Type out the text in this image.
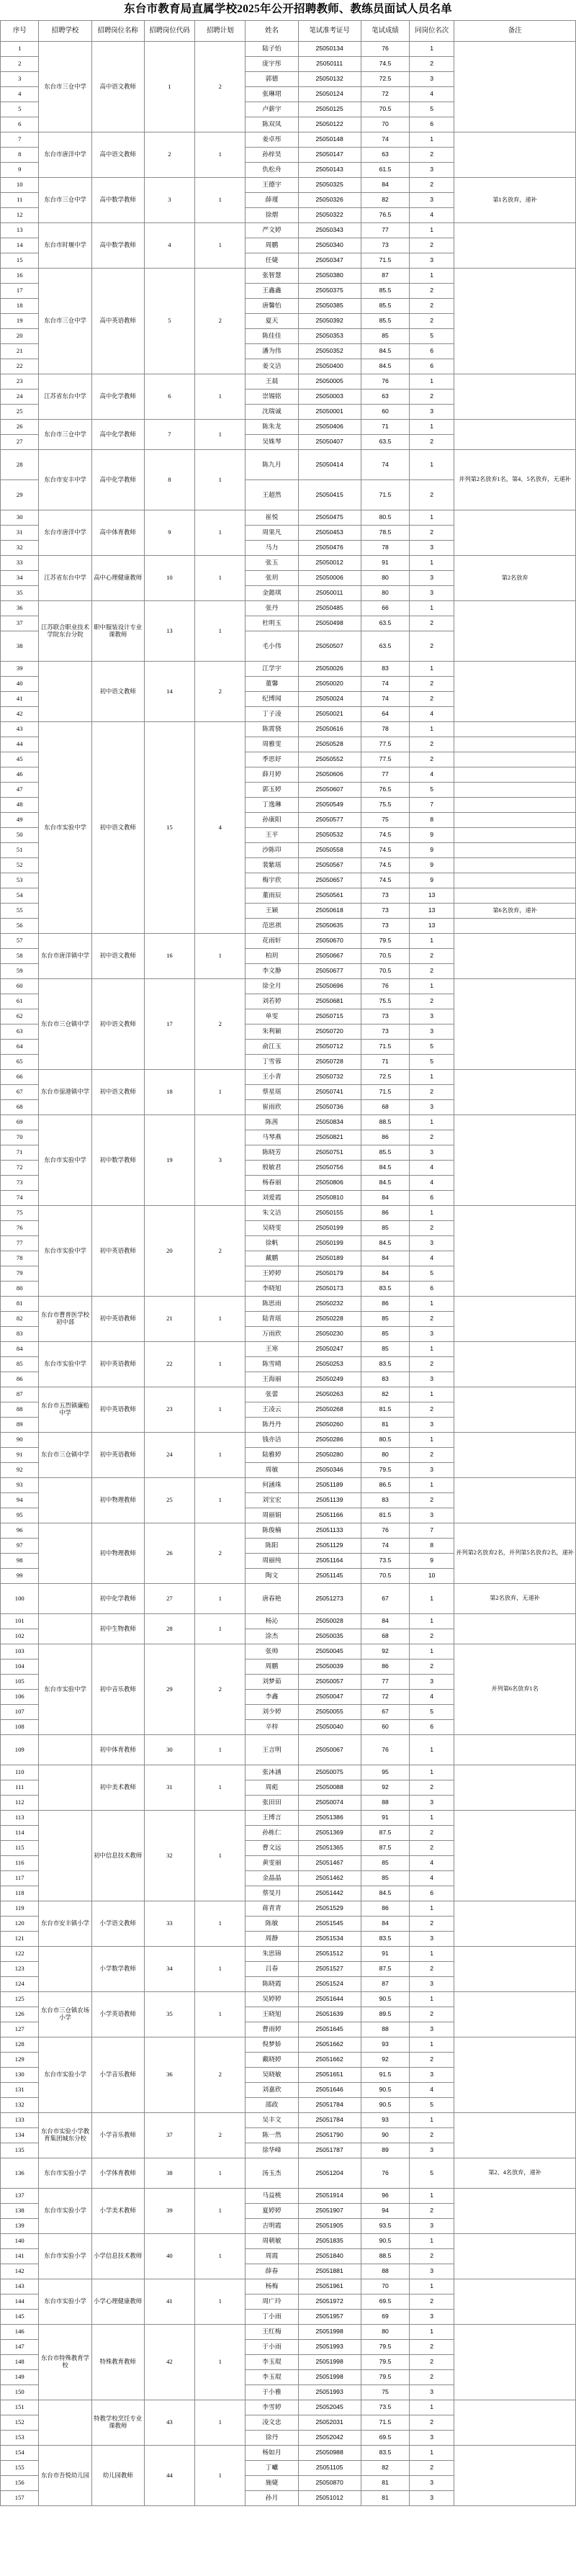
东台市教育局直属学校2025年公开招聘教师、教练员面试人员名单
序号	招聘学校	招聘岗位名称	招聘岗位代码	招聘计划	姓名	笔试准考证号	笔试成绩	同岗位名次	备注
1	东台市三仓中学	高中语文教师	1	2	陆子怡	25050134	76	1	
2					庞宇彤	25050111	74.5	2	
3					郭德	25050132	72.5	3	
4					张琳珺	25050124	72	4	
5					卢薪宇	25050125	70.5	5	
6					陈双凤	25050122	70	6	
7	东台市唐洋中学	高中语文教师	2	1	姜卓彤	25050148	74	1	
8					孙梓昊	25050147	63	2	
9					仇松舟	25050143	61.5	3	
10	东台市三仓中学	高中数学教师	3	1	王德宇	25050325	84	2	第1名放弃，递补
11					薛瑾	25050326	82	3	
12					徐熠	25050322	76.5	4	
13	东台市时堰中学	高中数学教师	4	1	严文婷	25050343	77	1	
14					周鹏	25050340	73	2	
15					任婕	25050347	71.5	3	
16	东台市三仓中学	高中英语教师	5	2	张智慧	25050380	87	1	
17					王鑫鑫	25050375	85.5	2	
18					唐馨怡	25050385	85.5	2	
19					夏天	25050392	85.5	2	
20					陈佳佳	25050353	85	5	
21					潘为伟	25050352	84.5	6	
22					姜文洁	25050400	84.5	6	
23	江苏省东台中学	高中化学教师	6	1	王晨	25050005	76	1	
24					崇锡铭	25050003	63	2	
25					沈瑞诚	25050001	60	3	
26	东台市三仓中学	高中化学教师	7	1	陈朱龙	25050406	71	1	
27					吴姝琴	25050407	63.5	2	
28	东台市安丰中学	高中化学教师	8	1	陈九月	25050414	74	1	并列第2名放弃1名，第4、5名放弃，无递补
29					王超然	25050415	71.5	2	
30	东台市唐洋中学	高中体育教师	9	1	崔悦	25050475	80.5	1	
31					周果凡	25050453	78.5	2	
32					马力	25050476	78	3	
33	江苏省东台中学	高中心理健康教师	10	1	张玉	25050012	91	1	第2名放弃
34					张玥	25050006	80	3	
35					金懿琪	25050011	80	3	
36	江苏联合职业技术学院东台分院	职中服装设计专业课教师	13	1	张丹	25050485	66	1	
37					杜明玉	25050498	63.5	2	
38					毛小伟	25050507	63.5	2	
39		初中语文教师	14	2	江学宇	25050026	83	1	
40					董馨	25050020	74	2	
41					纪博闻	25050024	74	2	
42					丁子凌	25050021	64	4	
43	东台市实验中学	初中语文教师	15	4	陈霄骁	25050616	78	1	
44					周雅雯	25050528	77.5	2	
45					季思妤	25050552	77.5	2	
46					薛月婷	25050606	77	4	
47					郭玉婷	25050607	76.5	5	
48					丁逸琳	25050549	75.5	7	
49					孙康阳	25050577	75	8	
50					王平	25050532	74.5	9	
51					沙陈印	25050558	74.5	9	
52					裴紫瑶	25050567	74.5	9	
53					梅宇欣	25050657	74.5	9	
54					董雨辰	25050561	73	13	
55					王颖	25050618	73	13	第6名放弃，递补
56					范思祺	25050635	73	13	
57	东台市唐洋镇中学	初中语文教师	16	1	花雨轩	25050670	79.5	1	
58					柏玥	25050667	70.5	2	
59					李文静	25050677	70.5	2	
60	东台市三仓镇中学	初中语文教师	17	2	徐全月	25050696	76	1	
61					刘若婷	25050681	75.5	2	
62					单雯	25050715	73	3	
63					朱利颖	25050720	73	3	
64					俞江玉	25050712	71.5	5	
65					丁雪蓉	25050728	71	5	
66	东台市弶港镇中学	初中语文教师	18	1	王小青	25050732	72.5	1	
67					蔡星瑶	25050741	71.5	2	
68					崔雨欣	25050736	68	3	
69	东台市实验中学	初中数学教师	19	3	陈茜	25050834	88.5	1	
70					马琴燕	25050821	86	2	
71					陈晓芳	25050751	85.5	3	
72					殷敏君	25050756	84.5	4	
73					杨春丽	25050806	84.5	4	
74					刘爱霞	25050810	84	6	
75	东台市实验中学	初中英语教师	20	2	朱文洁	25050155	86	1	
76					吴晓雯	25050199	85	2	
77					徐帆	25050199	84.5	3	
78					戴鹏	25050189	84	4	
79					王婷婷	25050179	84	5	
80					李晓旭	25050173	83.5	6	
81	东台市曹普医学校初中部	初中英语教师	21	1	陈思雨	25050232	86	1	
82					陆青瑶	25050228	85	2	
83					万雨欣	25050230	85	3	
84	东台市实验中学	初中英语教师	22	1	王寒	25050247	85	1	
85					陈雪晴	25050253	83.5	2	
86					王海丽	25050249	83	3	
87	东台市五烈镇廉贻中学	初中英语教师	23	1	张蕾	25050263	82	1	
88					王凌云	25050268	81.5	2	
89					陈丹丹	25050260	81	3	
90	东台市三仓镇中学	初中英语教师	24	1	钱亦洁	25050286	80.5	1	
91					陆雅婷	25050280	80	2	
92					周敏	25050346	79.5	3	
93		初中物理教师	25	1	何涵珠	25051189	86.5	1	
94					刘宝宏	25051139	83	2	
95					周丽娟	25051166	81.5	3	
96		初中物理教师	26	2	陈俊楠	25051133	76	7	并列第2名放弃2名，并列第5名放弃2名，递补
97					陈阳	25051129	74	8	
98					周丽纯	25051164	73.5	9	
99					陶文	25051145	70.5	10	
100		初中化学教师	27	1	唐春艳	25051273	67	1	第2名放弃，无递补
101		初中生物教师	28	1	杨沁	25050028	84	1	
102					涂杰	25050035	68	2	
103	东台市实验中学	初中音乐教师	29	2	张帅	25050045	92	1	并列第6名放弃1名
104					周鹏	25050039	86	2	
105					刘梦茹	25050057	77	3	
106					李鑫	25050047	72	4	
107					刘少婷	25050055	67	5	
108					辛梓	25050040	60	6	
109		初中体育教师	30	1	王言明	25050067	76	1	
110		初中美术教师	31	1	张沐涵	25050075	95	1	
111					周彪	25050088	92	2	
112					张田田	25050074	88	3	
113		初中信息技术教师	32	1	王博言	25051386	91	1	
114					孙栋仁	25051369	87.5	2	
115					曹文远	25051365	87.5	2	
116					黄雯丽	25051467	85	4	
117					金晶晶	25051462	85	4	
118					蔡旻月	25051442	84.5	6	
119	东台市安丰镇小学	小学语文教师	33	1	蒋青青	25051529	86	1	
120					陈敏	25051545	84	2	
121					周静	25051534	83.5	3	
122		小学数学教师	34	1	朱思锦	25051512	91	1	
123					吕春	25051527	87.5	2	
124					陈晓霞	25051524	87	3	
125	东台市三仓镇农场小学	小学英语教师	35	1	吴婷婷	25051644	90.5	1	
126					王晓旭	25051639	89.5	2	
127					曹雨婷	25051645	88	3	
128	东台市实验小学	小学音乐教师	36	2	倪梦娇	25051662	93	1	
129					戴晓婷	25051662	92	2	
130					吴晓敏	25051651	91.5	3	
131					刘嘉欣	25051646	90.5	4	
132					邵政	25051784	90.5	5	
133	东台市实验小学教育集团城东分校	小学音乐教师	37	2	吴丰文	25051784	93	1	
134					陈一然	25051790	90	2	
135					徐华峰	25051787	89	3	
136	东台市实验小学	小学体育教师	38	1	汤玉杰	25051204	76	5	第2、4名放弃，递补
137	东台市实验小学	小学美术教师	39	1	马益桃	25051914	96	1	
138					夏婷婷	25051907	94	2	
139					吉明霞	25051905	93.5	3	
140	东台市实验小学	小学信息技术教师	40	1	周朝敏	25051835	90.5	1	
141					周霞	25051840	88.5	2	
142					薛春	25051881	88	3	
143	东台市实验小学	小学心理健康教师	41	1	杨梅	25051961	70	1	
144					周广玲	25051972	69.5	2	
145					丁小雨	25051957	69	3	
146	东台市特殊教育学校	特殊教育教师	42	1	王红梅	25051998	80	1	
147					于小雨	25051993	79.5	2	
148					李玉琨	25051998	79.5	2	
149					李玉琨	25051998	79.5	2	
150					于小雅	25051993	75	3	
151		特教学校烹饪专业课教师	43	1	李雪婷	25052045	73.5	1	
152					凌文忠	25052031	71.5	2	
153					徐丹	25052042	69.5	3	
154	东台市吾悦幼儿园	幼儿园教师	44	1	杨如月	25050988	83.5	1	
155					丁巘	25051105	82	2	
156					施婕	25050870	81	3	
157					孙月	25051012	81	3	
